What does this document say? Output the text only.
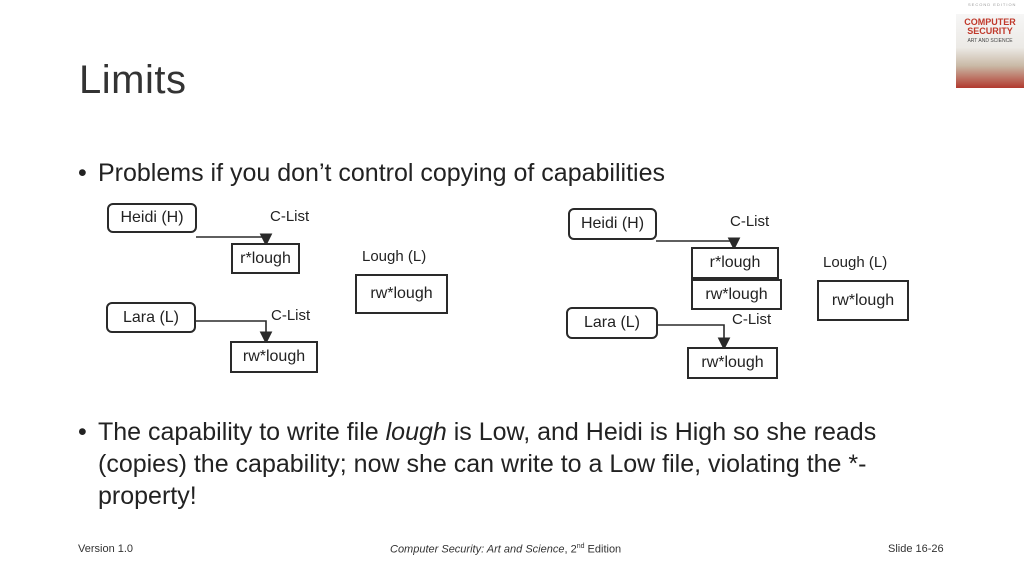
Limits
SECOND EDITION
COMPUTER
SECURITY
ART AND SCIENCE
• Problems if you don’t control copying of capabilities
Heidi (H)	C-List
r*lough	Lough (L)
rw*lough
Lara (L)	C-List
rw*lough
Heidi (H)	C-List
r*lough
rw*lough
Lough (L)
rw*lough
Lara (L)	C-List
rw*lough
• The capability to write file lough is Low, and Heidi is High so she reads (copies) the capability; now she can write to a Low file, violating the *-property!
Version 1.0	Computer Security: Art and Science, 2nd Edition	Slide 16-26
